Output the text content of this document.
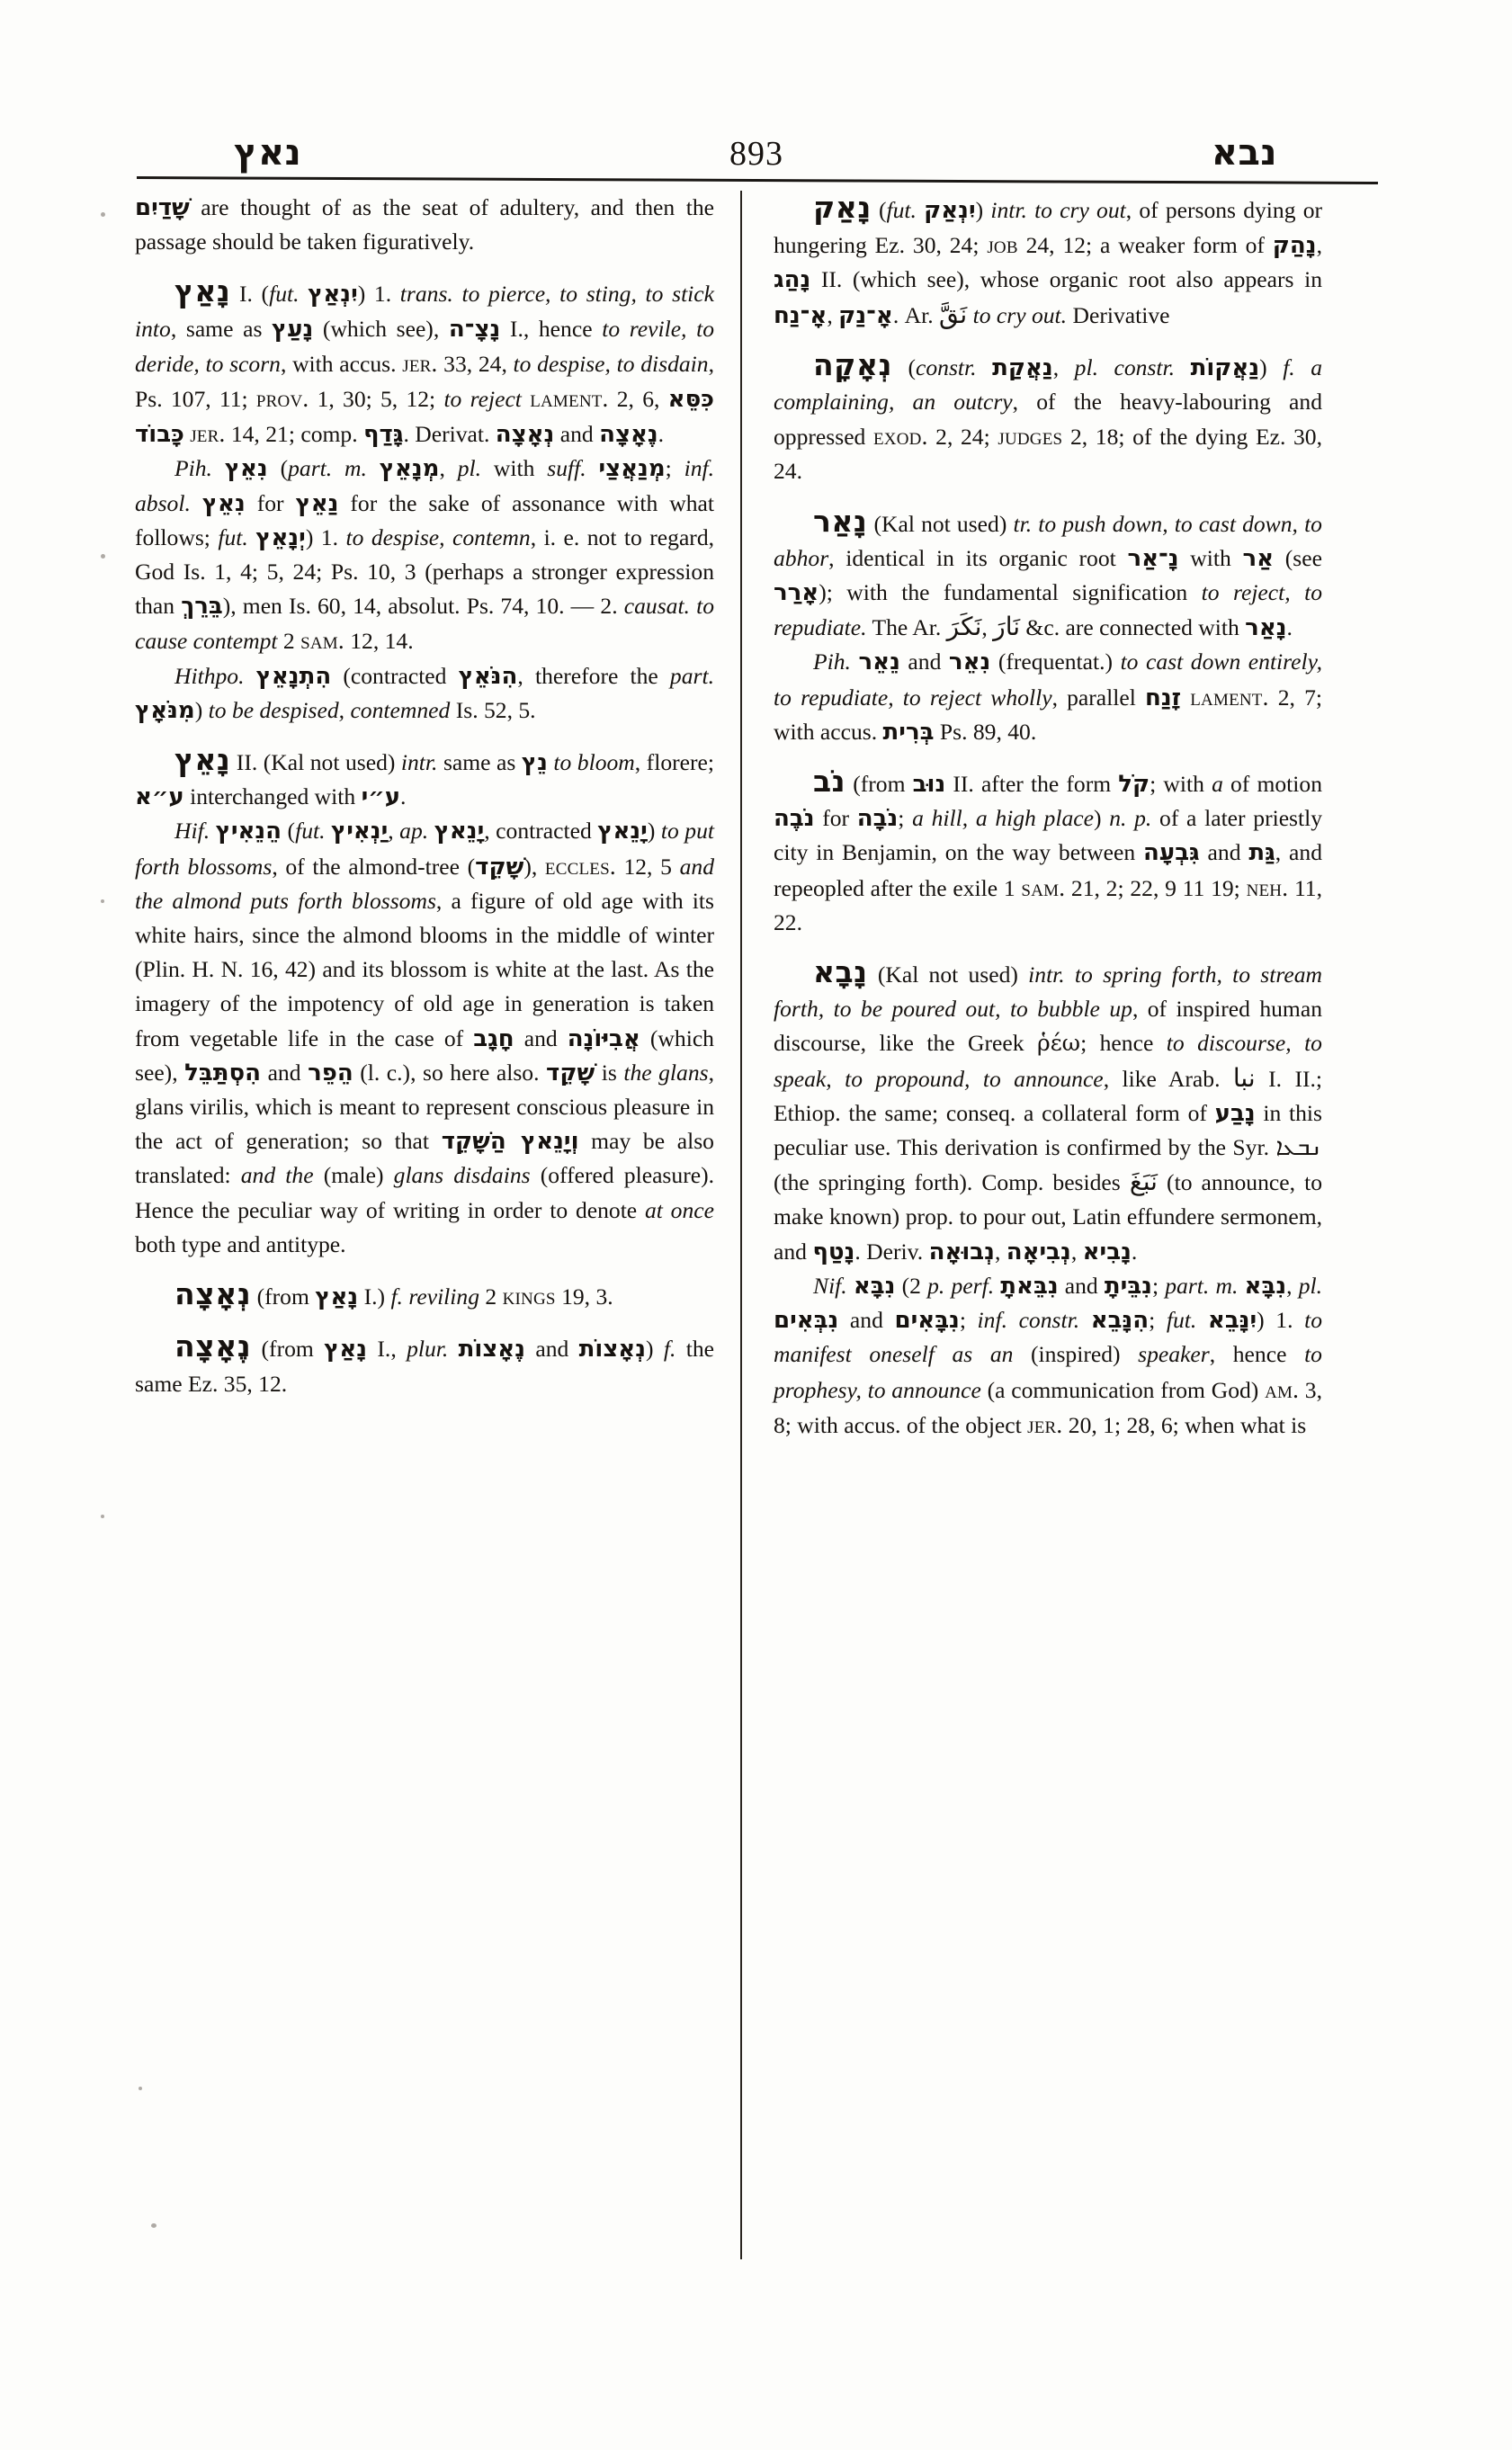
נאץ	893	נבא

שָׁדַיִם are thought of as the seat of adultery, and then the passage should be taken figuratively.

נָאַץ I. (fut. יִנְאַץ) 1. trans. to pierce, to sting, to stick into, same as נָעַץ (which see), נָצָ־ה I., hence to revile, to deride, to scorn, with accus. jer. 33, 24, to despise, to disdain, Ps. 107, 11; prov. 1, 30; 5, 12; to reject lament. 2, 6, כִּסֵּא כָּבוֹד jer. 14, 21; comp. גָּדַף. Derivat. נְאָצָה and נֶאָצָה.

Pih. נִאֵץ (part. m. מְנָאֵץ, pl. with suff. מְנַאֲצַי; inf. absol. נִאֵץ for נַאֵץ for the sake of assonance with what follows; fut. יְנָאֵץ) 1. to despise, contemn, i. e. not to regard, God Is. 1, 4; 5, 24; Ps. 10, 3 (perhaps a stronger expression than בֵּרֵךְ), men Is. 60, 14, absolut. Ps. 74, 10. — 2. causat. to cause contempt 2 sam. 12, 14.

Hithpo. הִתְנָאֵץ (contracted הִנֹּאֵץ, therefore the part. מִנֹּאָץ) to be despised, contemned Is. 52, 5.

נָאֵץ II. (Kal not used) intr. same as נֵץ to bloom, florere; ע״א interchanged with ע״י.

Hif. הֵנֵאִיץ (fut. יַנְאִיץ, ap. יָנֵאץ, contracted יָנֵאץ) to put forth blossoms, of the almond-tree (שָׁקֵד), eccles. 12, 5 and the almond puts forth blossoms, a figure of old age with its white hairs, since the almond blooms in the middle of winter (Plin. H. N. 16, 42) and its blossom is white at the last. As the imagery of the impotency of old age in generation is taken from vegetable life in the case of חָגָב and אֲבִיּוֹנָה (which see), הִסְתַּבֵּל and הֵפֵר (l. c.), so here also. שָׁקֵד is the glans, glans virilis, which is meant to represent conscious pleasure in the act of generation; so that וְיָנֵאץ הַשָּׁקֵד may be also translated: and the (male) glans disdains (offered pleasure). Hence the peculiar way of writing in order to denote at once both type and antitype.

נְאָצָה (from נָאַץ I.) f. reviling 2 kings 19, 3.

נֶאָצָה (from נָאַץ I., plur. נֶאָצוֹת and נְאָצוֹת) f. the same Ez. 35, 12.

נָאַק (fut. יִנְאַק) intr. to cry out, of persons dying or hungering Ez. 30, 24; job 24, 12; a weaker form of נָהַק, נָהַג II. (which see), whose organic root also appears in אָ־נַח, אָ־נַק. Ar. نَقَّ to cry out. Derivative

נְאָקָה (constr. נַאֲקַת, pl. constr. נַאֲקוֹת) f. a complaining, an outcry, of the heavy-labouring and oppressed exod. 2, 24; judges 2, 18; of the dying Ez. 30, 24.

נָאַר (Kal not used) tr. to push down, to cast down, to abhor, identical in its organic root נָ־אַר with אַר (see אָרַר); with the fundamental signification to reject, to repudiate. The Ar. نَكَرَ, نَارَ &c. are connected with נָאַר.

Pih. נֵאֵר and נִאֵר (frequentat.) to cast down entirely, to repudiate, to reject wholly, parallel זָנַח lament. 2, 7; with accus. בְּרִית Ps. 89, 40.

נֹב (from נוּב II. after the form קֹל; with a of motion נֹבֶה for נֹבָה; a hill, a high place) n. p. of a later priestly city in Benjamin, on the way between גִּבְעָה and גַּת, and repeopled after the exile 1 sam. 21, 2; 22, 9 11 19; neh. 11, 22.

נָבָא (Kal not used) intr. to spring forth, to stream forth, to be poured out, to bubble up, of inspired human discourse, like the Greek ῥέω; hence to discourse, to speak, to propound, to announce, like Arab. نبا I. II.; Ethiop. the same; conseq. a collateral form of נָבַע in this peculiar use. This derivation is confirmed by the Syr. ܢܒܥܐ (the springing forth). Comp. besides نَبَغَ (to announce, to make known) prop. to pour out, Latin effundere sermonem, and נָטַף. Deriv. נְבוּאָה, נְבִיאָה, נָבִיא.

Nif. נִבָּא (2 p. perf. נִבֵּאתָ and נִבֵּיתָ; part. m. נִבָּא, pl. נִבְּאִים and נִבָּאִים; inf. constr. הִנָּבֵא; fut. יִנָּבֵא) 1. to manifest oneself as an (inspired) speaker, hence to prophesy, to announce (a communication from God) am. 3, 8; with accus. of the object jer. 20, 1; 28, 6; when what is
